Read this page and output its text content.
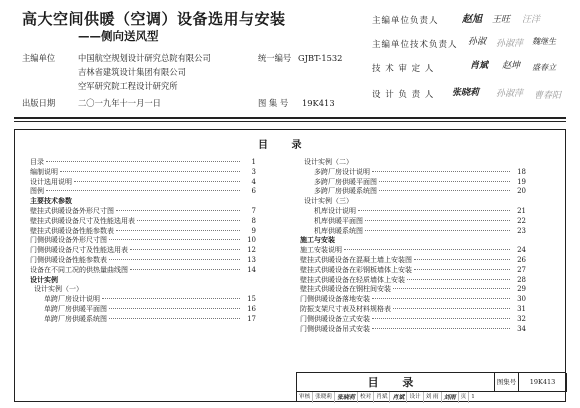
高大空间供暖（空调）设备选用与安装
——侧向送风型
主编单位	中国航空规划设计研究总院有限公司
吉林省建筑设计集团有限公司
空军研究院工程设计研究所
统一编号 GJBT-1532
出版日期	二〇一九年十一月一日	图 集 号 19K413
主编单位负责人 赵旭 王旺 汪洋
主编单位技术负责人 孙淑 孙淑萍 魏继生
技 术 审 定 人	肖斌 赵坤 盛春立
设 计 负 责 人 张晓莉 孙淑萍 曹春阳
目 录
目录	1
编制说明	3
设计选用说明	4
图例	6
主要技术参数
壁挂式供暖设备外形尺寸图	7
壁挂式供暖设备尺寸及性能选用表	8
壁挂式供暖设备性能参数表	9
门侧供暖设备外形尺寸图	10
门侧供暖设备尺寸及性能选用表	12
门侧供暖设备性能参数表	13
设备在不同工况的供热量曲线图	14
设计实例
设计实例（一）
单跨厂房设计说明	15
单跨厂房供暖平面图	16
单跨厂房供暖系统图	17
设计实例（二）
多跨厂房设计说明	18
多跨厂房供暖平面图	19
多跨厂房供暖系统图	20
设计实例（三）
机库设计说明	21
机库供暖平面图	22
机库供暖系统图	23
施工与安装
施工安装说明	24
壁挂式供暖设备在混凝土墙上安装图	26
壁挂式供暖设备在彩钢板墙体上安装	27
壁挂式供暖设备在轻质墙体上安装	28
壁挂式供暖设备在钢柱间安装	29
门侧供暖设备落地安装	30
防振支架尺寸表及材料规格表	31
门侧供暖设备立式安装	32
门侧供暖设备吊式安装	34
目 录	图集号	19K413
审核 张晓莉 张晓莉 校对 肖斌 肖斌 设计 刘 雨 刘雨 页 1
